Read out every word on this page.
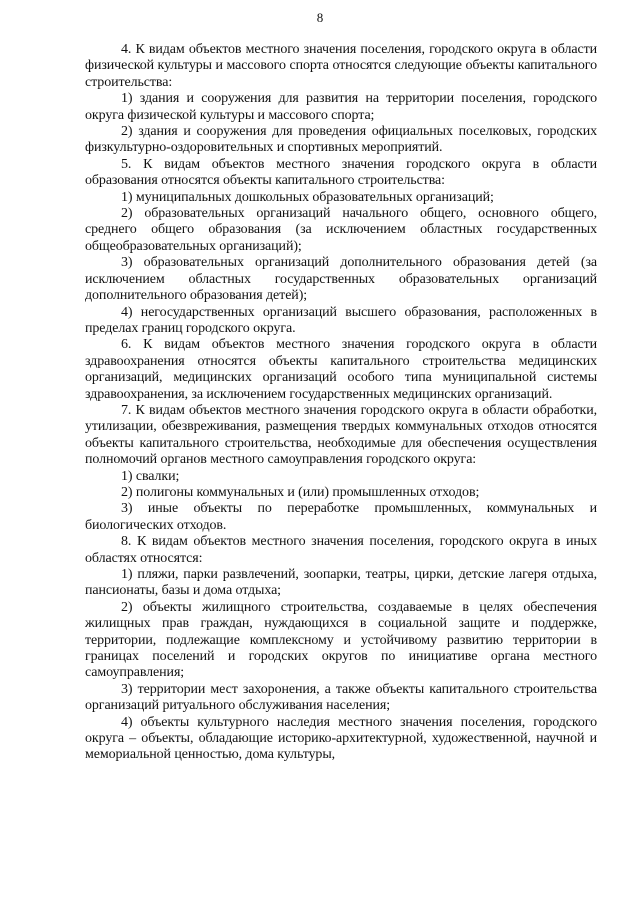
8

4. К видам объектов местного значения поселения, городского округа в области физической культуры и массового спорта относятся следующие объекты капитального строительства:

1) здания и сооружения для развития на территории поселения, городского округа физической культуры и массового спорта;

2) здания и сооружения для проведения официальных поселковых, городских физкультурно-оздоровительных и спортивных мероприятий.

5. К видам объектов местного значения городского округа в области образования относятся объекты капитального строительства:

1) муниципальных дошкольных образовательных организаций;

2) образовательных организаций начального общего, основного общего, среднего общего образования (за исключением областных государственных общеобразовательных организаций);

3) образовательных организаций дополнительного образования детей (за исключением областных государственных образовательных организаций дополнительного образования детей);

4) негосударственных организаций высшего образования, расположенных в пределах границ городского округа.

6. К видам объектов местного значения городского округа в области здравоохранения относятся объекты капитального строительства медицинских организаций, медицинских организаций особого типа муниципальной системы здравоохранения, за исключением государственных медицинских организаций.

7. К видам объектов местного значения городского округа в области обработки, утилизации, обезвреживания, размещения твердых коммунальных отходов относятся объекты капитального строительства, необходимые для обеспечения осуществления полномочий органов местного самоуправления городского округа:

1) свалки;

2) полигоны коммунальных и (или) промышленных отходов;

3) иные объекты по переработке промышленных, коммунальных и биологических отходов.

8. К видам объектов местного значения поселения, городского округа в иных областях относятся:

1) пляжи, парки развлечений, зоопарки, театры, цирки, детские лагеря отдыха, пансионаты, базы и дома отдыха;

2) объекты жилищного строительства, создаваемые в целях обеспечения жилищных прав граждан, нуждающихся в социальной защите и поддержке, территории, подлежащие комплексному и устойчивому развитию территории в границах поселений и городских округов по инициативе органа местного самоуправления;

3) территории мест захоронения, а также объекты капитального строительства организаций ритуального обслуживания населения;

4) объекты культурного наследия местного значения поселения, городского округа – объекты, обладающие историко-архитектурной, художественной, научной и мемориальной ценностью, дома культуры,
